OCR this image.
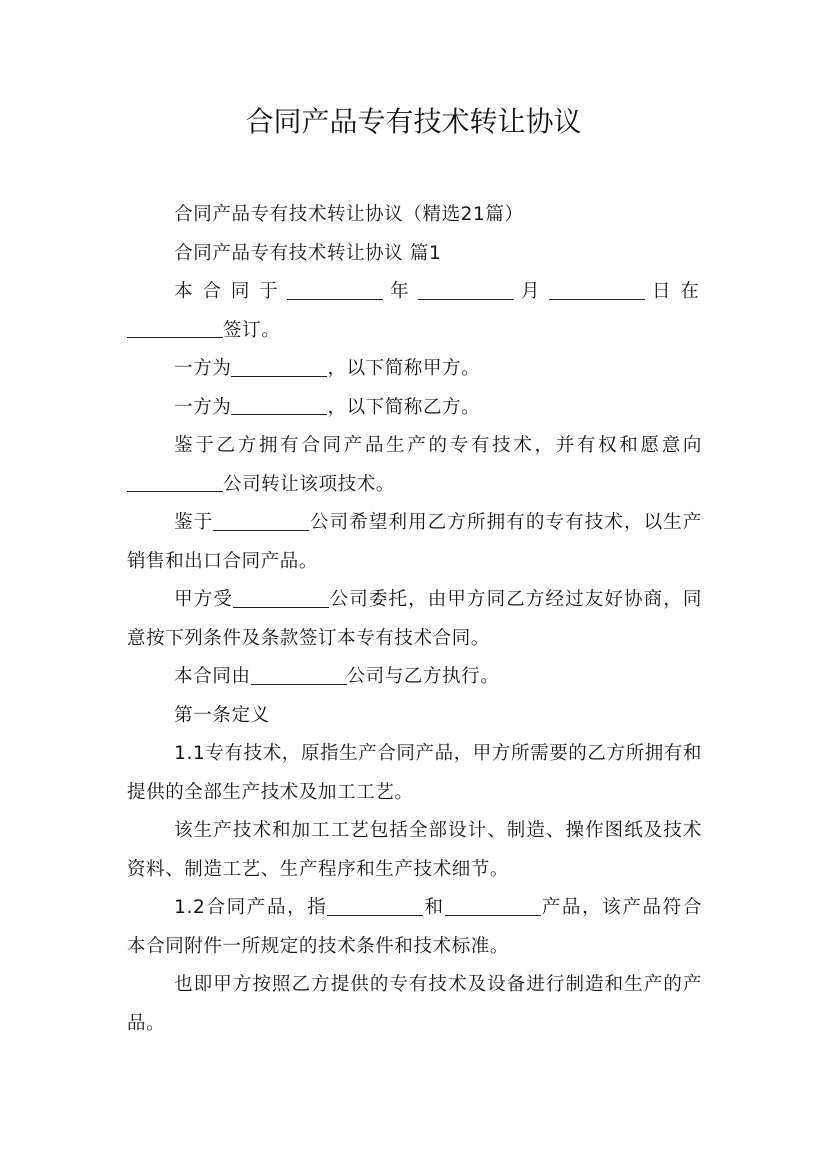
合同产品专有技术转让协议

合同产品专有技术转让协议（精选21篇）

合同产品专有技术转让协议 篇1

本合同于	年	月	日在签订。

一方为	，以下简称甲方。

一方为	，以下简称乙方。

鉴于乙方拥有合同产品生产的专有技术，并有权和愿意向公司转让该项技术。

鉴于	公司希望利用乙方所拥有的专有技术，以生产销售和出口合同产品。

甲方受	公司委托，由甲方同乙方经过友好协商，同意按下列条件及条款签订本专有技术合同。

本合同由	公司与乙方执行。

第一条定义

1.1专有技术，原指生产合同产品，甲方所需要的乙方所拥有和提供的全部生产技术及加工工艺。

该生产技术和加工工艺包括全部设计、制造、操作图纸及技术资料、制造工艺、生产程序和生产技术细节。

1.2合同产品，指	和	产品，该产品符合本合同附件一所规定的技术条件和技术标准。

也即甲方按照乙方提供的专有技术及设备进行制造和生产的产品。
